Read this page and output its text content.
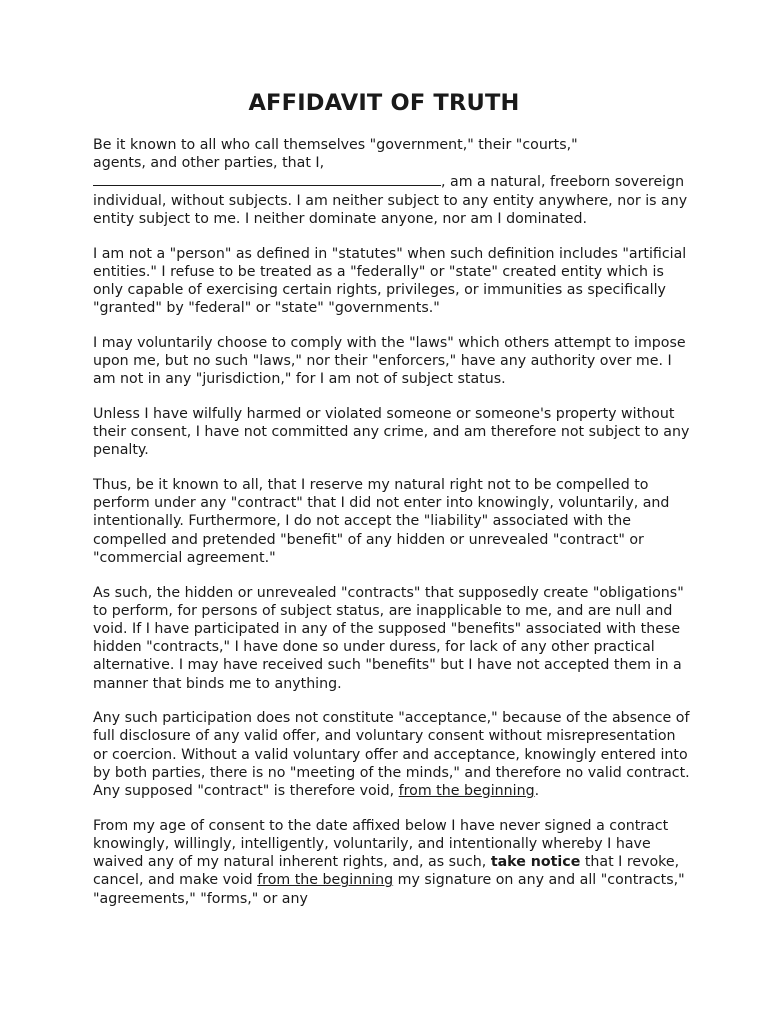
AFFIDAVIT OF TRUTH

Be it known to all who call themselves "government," their "courts,"
agents, and other parties, that I,
, am a natural, freeborn sovereign individual, without subjects. I am neither subject to any entity anywhere, nor is any entity subject to me. I neither dominate anyone, nor am I dominated.

I am not a "person" as defined in "statutes" when such definition includes "artificial entities." I refuse to be treated as a "federally" or "state" created entity which is only capable of exercising certain rights, privileges, or immunities as specifically "granted" by "federal" or "state" "governments."

I may voluntarily choose to comply with the "laws" which others attempt to impose upon me, but no such "laws," nor their "enforcers," have any authority over me. I am not in any "jurisdiction," for I am not of subject status.

Unless I have wilfully harmed or violated someone or someone's property without their consent, I have not committed any crime, and am therefore not subject to any penalty.

Thus, be it known to all, that I reserve my natural right not to be compelled to perform under any "contract" that I did not enter into knowingly, voluntarily, and intentionally. Furthermore, I do not accept the "liability" associated with the compelled and pretended "benefit" of any hidden or unrevealed "contract" or "commercial agreement."

As such, the hidden or unrevealed "contracts" that supposedly create "obligations" to perform, for persons of subject status, are inapplicable to me, and are null and void. If I have participated in any of the supposed "benefits" associated with these hidden "contracts," I have done so under duress, for lack of any other practical alternative. I may have received such "benefits" but I have not accepted them in a manner that binds me to anything.

Any such participation does not constitute "acceptance," because of the absence of full disclosure of any valid offer, and voluntary consent without misrepresentation or coercion. Without a valid voluntary offer and acceptance, knowingly entered into by both parties, there is no "meeting of the minds," and therefore no valid contract. Any supposed "contract" is therefore void, from the beginning.

From my age of consent to the date affixed below I have never signed a contract knowingly, willingly, intelligently, voluntarily, and intentionally whereby I have waived any of my natural inherent rights, and, as such, take notice that I revoke, cancel, and make void from the beginning my signature on any and all "contracts," "agreements," "forms," or any
